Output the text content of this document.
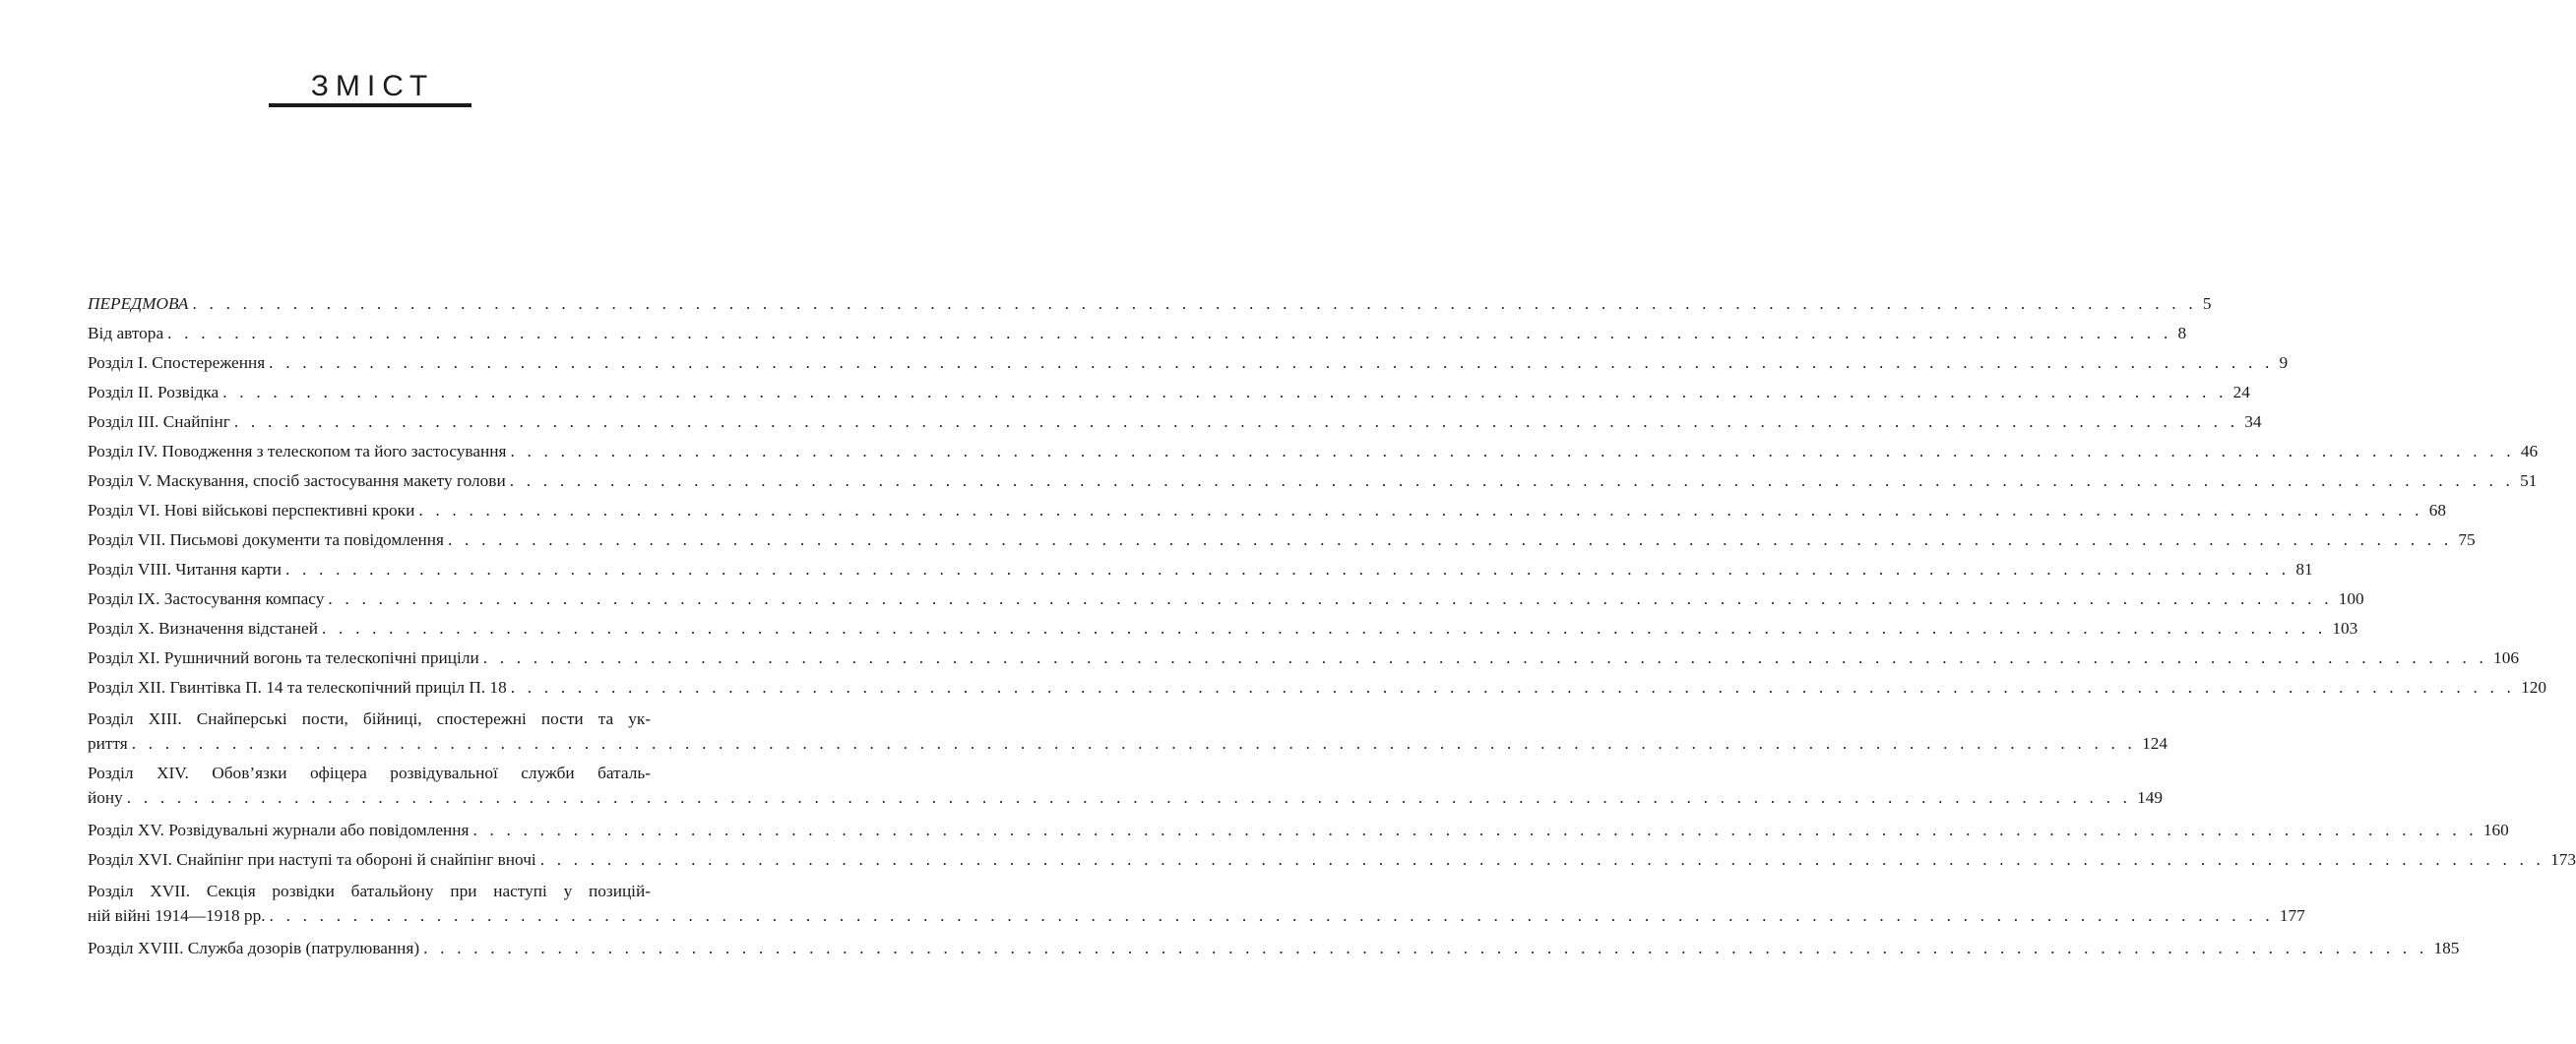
ЗМІСТ
ПЕРЕДМОВА . . . . . . . . . . . . . . . . . . . . . . . . . . . . . . . . . . . . . . . . . . . . . . . . . . . . . . . . . . . . . . . . . . . . . . . . . . . . . . . . . . . . . . . . . . . . . . . . . . . . . . . . . . . . . . . . . . . . . . . . 5
Від автора . . . . . . . . . . . . . . . . . . . . . . . . . . . . . . . . . . . . . . . . . . . . . . . . . . . . . . . . . . . . . . . . . . . . . . . . . . . . . . . . . . . . . . . . . . . . . . . . . . . . . . . . . . . . . . . . . . . . . . . . 8
Розділ I. Спостереження . . . . . . . . . . . . . . . . . . . . . . . . . . . . . . . . . . . . . . . . . . . . . . . . . . . . . . . . . . . . . . . . . . . . . . . . . . . . . . . . . . . . . . . . . . . . . . . . . . . . . . . . . . . . . . . . . . . . . . . . 9
Розділ II. Розвідка . . . . . . . . . . . . . . . . . . . . . . . . . . . . . . . . . . . . . . . . . . . . . . . . . . . . . . . . . . . . . . . . . . . . . . . . . . . . . . . . . . . . . . . . . . . . . . . . . . . . . . . . . . . . . . . . . . . . . . . . 24
Розділ III. Снайпінг . . . . . . . . . . . . . . . . . . . . . . . . . . . . . . . . . . . . . . . . . . . . . . . . . . . . . . . . . . . . . . . . . . . . . . . . . . . . . . . . . . . . . . . . . . . . . . . . . . . . . . . . . . . . . . . . . . . . . . . . 34
Розділ IV. Поводження з телескопом та його застосування . . . . . . . . . . . . . . . . . . . . . . . . . . . . . . . . . . . . . . . . . . . . . . . . . . . . . . . . . . . . . . . . . . . . . . . . . . . . . . . . . . . . . . . . . . . . . . . . . . . . . . . . . . . . . . . . . . . . . . . . 46
Розділ V. Маскування, спосіб застосування макету голови . . . . . . . . . . . . . . . . . . . . . . . . . . . . . . . . . . . . . . . . . . . . . . . . . . . . . . . . . . . . . . . . . . . . . . . . . . . . . . . . . . . . . . . . . . . . . . . . . . . . . . . . . . . . . . . . . . . . . . . . 51
Розділ VI. Нові військові перспективні кроки . . . . . . . . . . . . . . . . . . . . . . . . . . . . . . . . . . . . . . . . . . . . . . . . . . . . . . . . . . . . . . . . . . . . . . . . . . . . . . . . . . . . . . . . . . . . . . . . . . . . . . . . . . . . . . . . . . . . . . . . 68
Розділ VII. Письмові документи та повідомлення . . . . . . . . . . . . . . . . . . . . . . . . . . . . . . . . . . . . . . . . . . . . . . . . . . . . . . . . . . . . . . . . . . . . . . . . . . . . . . . . . . . . . . . . . . . . . . . . . . . . . . . . . . . . . . . . . . . . . . . . 75
Розділ VIII. Читання карти . . . . . . . . . . . . . . . . . . . . . . . . . . . . . . . . . . . . . . . . . . . . . . . . . . . . . . . . . . . . . . . . . . . . . . . . . . . . . . . . . . . . . . . . . . . . . . . . . . . . . . . . . . . . . . . . . . . . . . . . 81
Розділ IX. Застосування компасу . . . . . . . . . . . . . . . . . . . . . . . . . . . . . . . . . . . . . . . . . . . . . . . . . . . . . . . . . . . . . . . . . . . . . . . . . . . . . . . . . . . . . . . . . . . . . . . . . . . . . . . . . . . . . . . . . . . . . . . . 100
Розділ X. Визначення відстаней . . . . . . . . . . . . . . . . . . . . . . . . . . . . . . . . . . . . . . . . . . . . . . . . . . . . . . . . . . . . . . . . . . . . . . . . . . . . . . . . . . . . . . . . . . . . . . . . . . . . . . . . . . . . . . . . . . . . . . . . 103
Розділ XI. Рушничний вогонь та телескопічні приціли . . . . . . . . . . . . . . . . . . . . . . . . . . . . . . . . . . . . . . . . . . . . . . . . . . . . . . . . . . . . . . . . . . . . . . . . . . . . . . . . . . . . . . . . . . . . . . . . . . . . . . . . . . . . . . . . . . . . . . . . 106
Розділ XII. Гвинтівка П. 14 та телескопічний приціл П. 18 . . . . . . . . . . . . . . . . . . . . . . . . . . . . . . . . . . . . . . . . . . . . . . . . . . . . . . . . . . . . . . . . . . . . . . . . . . . . . . . . . . . . . . . . . . . . . . . . . . . . . . . . . . . . . . . . . . . . . . . . 120
Розділ XIII. Снайперські пости, бійниці, спостережні пости та ук-
риття . . . . . . . . . . . . . . . . . . . . . . . . . . . . . . . . . . . . . . . . . . . . . . . . . . . . . . . . . . . . . . . . . . . . . . . . . . . . . . . . . . . . . . . . . . . . . . . . . . . . . . . . . . . . . . . . . . . . . . . . 124
Розділ XIV. Обов’язки офіцера розвідувальної служби баталь-
йону . . . . . . . . . . . . . . . . . . . . . . . . . . . . . . . . . . . . . . . . . . . . . . . . . . . . . . . . . . . . . . . . . . . . . . . . . . . . . . . . . . . . . . . . . . . . . . . . . . . . . . . . . . . . . . . . . . . . . . . . 149
Розділ XV. Розвідувальні журнали або повідомлення . . . . . . . . . . . . . . . . . . . . . . . . . . . . . . . . . . . . . . . . . . . . . . . . . . . . . . . . . . . . . . . . . . . . . . . . . . . . . . . . . . . . . . . . . . . . . . . . . . . . . . . . . . . . . . . . . . . . . . . . 160
Розділ XVI. Снайпінг при наступі та обороні й снайпінг вночі . . . . . . . . . . . . . . . . . . . . . . . . . . . . . . . . . . . . . . . . . . . . . . . . . . . . . . . . . . . . . . . . . . . . . . . . . . . . . . . . . . . . . . . . . . . . . . . . . . . . . . . . . . . . . . . . . . . . . . . . 173
Розділ XVII. Секція розвідки батальйону при наступі у позицій-
ній війні 1914—1918 рр. . . . . . . . . . . . . . . . . . . . . . . . . . . . . . . . . . . . . . . . . . . . . . . . . . . . . . . . . . . . . . . . . . . . . . . . . . . . . . . . . . . . . . . . . . . . . . . . . . . . . . . . . . . . . . . . . . . . . . . . . 177
Розділ XVIII. Служба дозорів (патрулювання) . . . . . . . . . . . . . . . . . . . . . . . . . . . . . . . . . . . . . . . . . . . . . . . . . . . . . . . . . . . . . . . . . . . . . . . . . . . . . . . . . . . . . . . . . . . . . . . . . . . . . . . . . . . . . . . . . . . . . . . . 185
